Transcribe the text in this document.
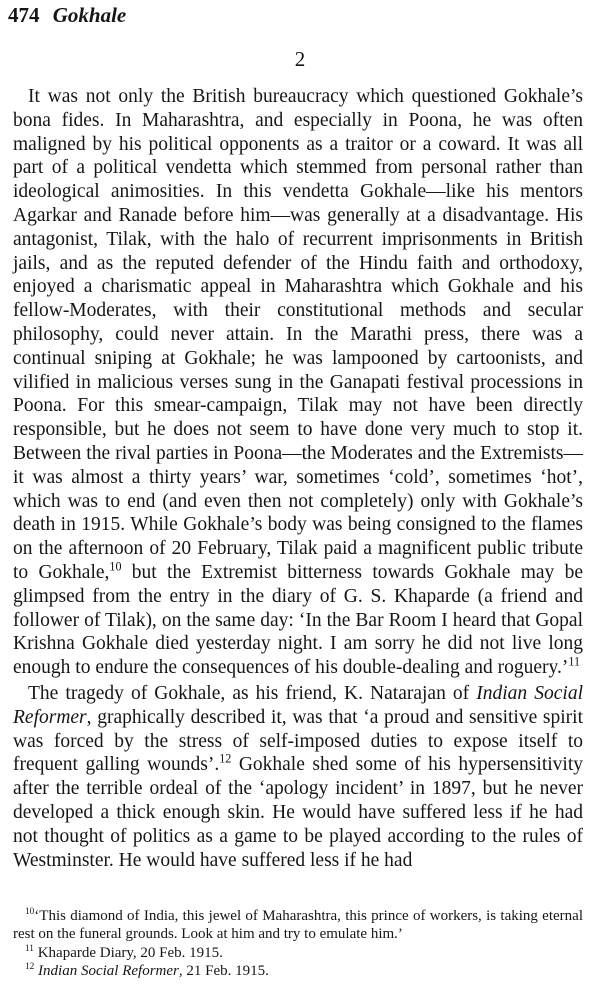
474 Gokhale
2

It was not only the British bureaucracy which questioned Gokhale’s bona fides. In Maharashtra, and especially in Poona, he was often maligned by his political opponents as a traitor or a coward. It was all part of a political vendetta which stemmed from personal rather than ideological animosities. In this vendetta Gokhale—like his mentors Agarkar and Ranade before him—was generally at a disadvantage. His antagonist, Tilak, with the halo of recurrent imprisonments in British jails, and as the reputed defender of the Hindu faith and orthodoxy, enjoyed a charismatic appeal in Maharashtra which Gokhale and his fellow-Moderates, with their constitutional methods and secular philosophy, could never attain. In the Marathi press, there was a continual sniping at Gokhale; he was lampooned by cartoonists, and vilified in malicious verses sung in the Ganapati festival processions in Poona. For this smear-campaign, Tilak may not have been directly responsible, but he does not seem to have done very much to stop it. Between the rival parties in Poona—the Moderates and the Extremists—it was almost a thirty years’ war, sometimes ‘cold’, sometimes ‘hot’, which was to end (and even then not completely) only with Gokhale’s death in 1915. While Gokhale’s body was being consigned to the flames on the afternoon of 20 February, Tilak paid a magnificent public tribute to Gokhale,$^{10}$ but the Extremist bitterness towards Gokhale may be glimpsed from the entry in the diary of G. S. Khaparde (a friend and follower of Tilak), on the same day: ‘In the Bar Room I heard that Gopal Krishna Gokhale died yesterday night. I am sorry he did not live long enough to endure the consequences of his double-dealing and roguery.’$^{11}$

The tragedy of Gokhale, as his friend, K. Natarajan of Indian Social Reformer, graphically described it, was that ‘a proud and sensitive spirit was forced by the stress of self-imposed duties to expose itself to frequent galling wounds’.$^{12}$ Gokhale shed some of his hypersensitivity after the terrible ordeal of the ‘apology incident’ in 1897, but he never developed a thick enough skin. He would have suffered less if he had not thought of politics as a game to be played according to the rules of Westminster. He would have suffered less if he had

$^{10}$‘This diamond of India, this jewel of Maharashtra, this prince of workers, is taking eternal rest on the funeral grounds. Look at him and try to emulate him.’

$^{11}$ Khaparde Diary, 20 Feb. 1915.

$^{12}$ Indian Social Reformer, 21 Feb. 1915.
